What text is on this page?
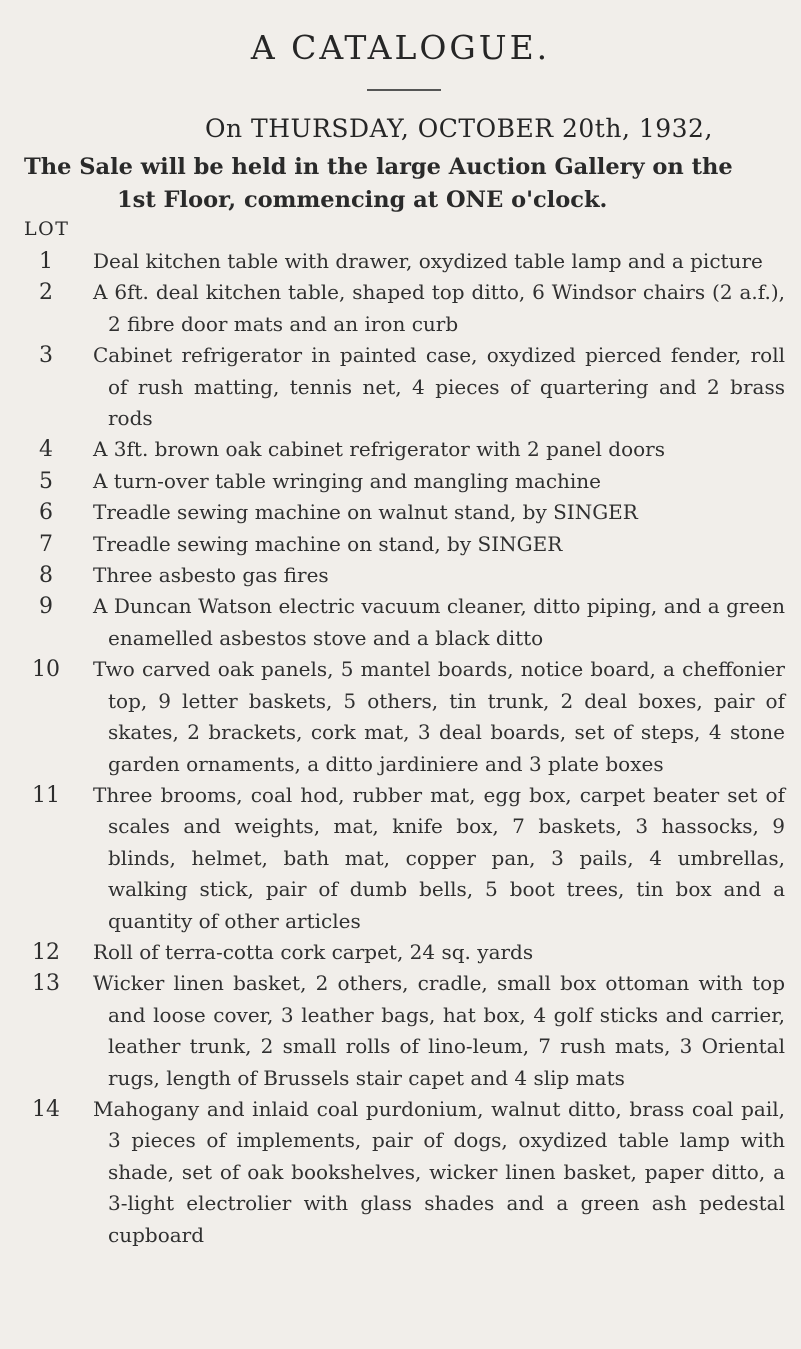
A CATALOGUE.
On THURSDAY, OCTOBER 20th, 1932,
The Sale will be held in the large Auction Gallery on the
1st Floor, commencing at ONE o'clock.
LOT
1	Deal kitchen table with drawer, oxydized table lamp and a picture
2	A 6ft. deal kitchen table, shaped top ditto, 6 Windsor chairs (2 a.f.), 2 fibre door mats and an iron curb
3	Cabinet refrigerator in painted case, oxydized pierced fender, roll of rush matting, tennis net, 4 pieces of quartering and 2 brass rods
4	A 3ft. brown oak cabinet refrigerator with 2 panel doors
5	A turn-over table wringing and mangling machine
6	Treadle sewing machine on walnut stand, by SINGER
7	Treadle sewing machine on stand, by SINGER
8	Three asbesto gas fires
9	A Duncan Watson electric vacuum cleaner, ditto piping, and a green enamelled asbestos stove and a black ditto
10	Two carved oak panels, 5 mantel boards, notice board, a cheffonier top, 9 letter baskets, 5 others, tin trunk, 2 deal boxes, pair of skates, 2 brackets, cork mat, 3 deal boards, set of steps, 4 stone garden ornaments, a ditto jardiniere and 3 plate boxes
11	Three brooms, coal hod, rubber mat, egg box, carpet beater set of scales and weights, mat, knife box, 7 baskets, 3 hassocks, 9 blinds, helmet, bath mat, copper pan, 3 pails, 4 umbrellas, walking stick, pair of dumb bells, 5 boot trees, tin box and a quantity of other articles
12	Roll of terra-cotta cork carpet, 24 sq. yards
13	Wicker linen basket, 2 others, cradle, small box ottoman with top and loose cover, 3 leather bags, hat box, 4 golf sticks and carrier, leather trunk, 2 small rolls of lino-leum, 7 rush mats, 3 Oriental rugs, length of Brussels stair capet and 4 slip mats
14	Mahogany and inlaid coal purdonium, walnut ditto, brass coal pail, 3 pieces of implements, pair of dogs, oxydized table lamp with shade, set of oak bookshelves, wicker linen basket, paper ditto, a 3-light electrolier with glass shades and a green ash pedestal cupboard
